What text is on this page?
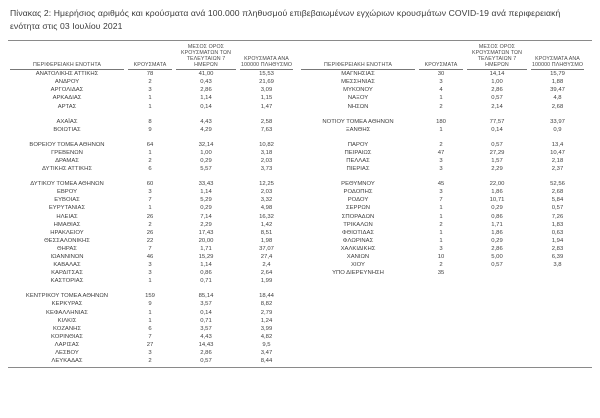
Πίνακας 2: Ημερήσιος αριθμός και κρούσματα ανά 100.000 πληθυσμού επιβεβαιωμένων εγχώριων κρουσμάτων COVID-19 ανά περιφερειακή ενότητα στις 03 Ιουλίου 2021
ΠΕΡΙΦΕΡΕΙΑΚΗ ΕΝΟΤΗΤΑ	ΚΡΟΥΣΜΑΤΑ	ΜΕΣΟΣ ΟΡΟΣ ΚΡΟΥΣΜΑΤΩΝ ΤΩΝ ΤΕΛΕΥΤΑΙΩΝ 7 ΗΜΕΡΩΝ	ΚΡΟΥΣΜΑΤΑ ΑΝΑ 100000 ΠΛΗΘΥΣΜΟ

ΑΝΑΤΟΛΙΚΗΣ ΑΤΤΙΚΗΣ	78	41,00	15,53
ΑΝΔΡΟΥ	2	0,43	21,69
ΑΡΓΟΛΙΔΑΣ	3	2,86	3,09
ΑΡΚΑΔΙΑΣ	1	1,14	1,15
ΑΡΤΑΣ	1	0,14	1,47

ΑΧΑΪΑΣ	8	4,43	2,58
ΒΟΙΩΤΙΑΣ	9	4,29	7,63

ΒΟΡΕΙΟΥ ΤΟΜΕΑ ΑΘΗΝΩΝ	64	32,14	10,82
ΓΡΕΒΕΝΩΝ	1	1,00	3,18
ΔΡΑΜΑΣ	2	0,29	2,03
ΔΥΤΙΚΗΣ ΑΤΤΙΚΗΣ	6	5,57	3,73

ΔΥΤΙΚΟΥ ΤΟΜΕΑ ΑΘΗΝΩΝ	60	33,43	12,25
ΕΒΡΟΥ	3	1,14	2,03
ΕΥΒΟΙΑΣ	7	5,29	3,32
ΕΥΡΥΤΑΝΙΑΣ	1	0,29	4,98
ΗΛΕΙΑΣ	26	7,14	16,32
ΗΜΑΘΙΑΣ	2	2,29	1,42
ΗΡΑΚΛΕΙΟΥ	26	17,43	8,51
ΘΕΣΣΑΛΟΝΙΚΗΣ	22	20,00	1,98
ΘΗΡΑΣ	7	1,71	37,07
ΙΩΑΝΝΙΝΩΝ	46	15,29	27,4
ΚΑΒΑΛΑΣ	3	1,14	2,4
ΚΑΡΔΙΤΣΑΣ	3	0,86	2,64
ΚΑΣΤΟΡΙΑΣ	1	0,71	1,99

ΚΕΝΤΡΙΚΟΥ ΤΟΜΕΑ ΑΘΗΝΩΝ	159	85,14	18,44
ΚΕΡΚΥΡΑΣ	9	3,57	8,82
ΚΕΦΑΛΛΗΝΙΑΣ	1	0,14	2,79
ΚΙΛΚΙΣ	1	0,71	1,24
ΚΟΖΑΝΗΣ	6	3,57	3,99
ΚΟΡΙΝΘΙΑΣ	7	4,43	4,82
ΛΑΡΙΣΑΣ	27	14,43	9,5
ΛΕΣΒΟΥ	3	2,86	3,47
ΛΕΥΚΑΔΑΣ	2	0,57	8,44
ΠΕΡΙΦΕΡΕΙΑΚΗ ΕΝΟΤΗΤΑ	ΚΡΟΥΣΜΑΤΑ	ΜΕΣΟΣ ΟΡΟΣ ΚΡΟΥΣΜΑΤΩΝ ΤΩΝ ΤΕΛΕΥΤΑΙΩΝ 7 ΗΜΕΡΩΝ	ΚΡΟΥΣΜΑΤΑ ΑΝΑ 100000 ΠΛΗΘΥΣΜΟ

ΜΑΓΝΗΣΙΑΣ	30	14,14	15,79
ΜΕΣΣΗΝΙΑΣ	3	1,00	1,88
ΜΥΚΟΝΟΥ	4	2,86	39,47
ΝΑΞΟΥ	1	0,57	4,8
ΝΗΣΩΝ	2	2,14	2,68

ΝΟΤΙΟΥ ΤΟΜΕΑ ΑΘΗΝΩΝ	180	77,57	33,97
ΞΑΝΘΗΣ	1	0,14	0,9

ΠΑΡΟΥ	2	0,57	13,4
ΠΕΙΡΑΙΩΣ	47	27,29	10,47
ΠΕΛΛΑΣ	3	1,57	2,18
ΠΙΕΡΙΑΣ	3	2,29	2,37

ΡΕΘΥΜΝΟΥ	45	22,00	52,56
ΡΟΔΟΠΗΣ	3	1,86	2,68
ΡΟΔΟΥ	7	10,71	5,84
ΣΕΡΡΩΝ	1	0,29	0,57
ΣΠΟΡΑΔΩΝ	1	0,86	7,26
ΤΡΙΚΑΛΩΝ	2	1,71	1,83
ΦΘΙΩΤΙΔΑΣ	1	1,86	0,63
ΦΛΩΡΙΝΑΣ	1	0,29	1,94
ΧΑΛΚΙΔΙΚΗΣ	3	2,86	2,83
ΧΑΝΙΩΝ	10	5,00	6,39
ΧΙΟΥ	2	0,57	3,8
ΥΠΟ ΔΙΕΡΕΥΝΗΣΗ	35		
